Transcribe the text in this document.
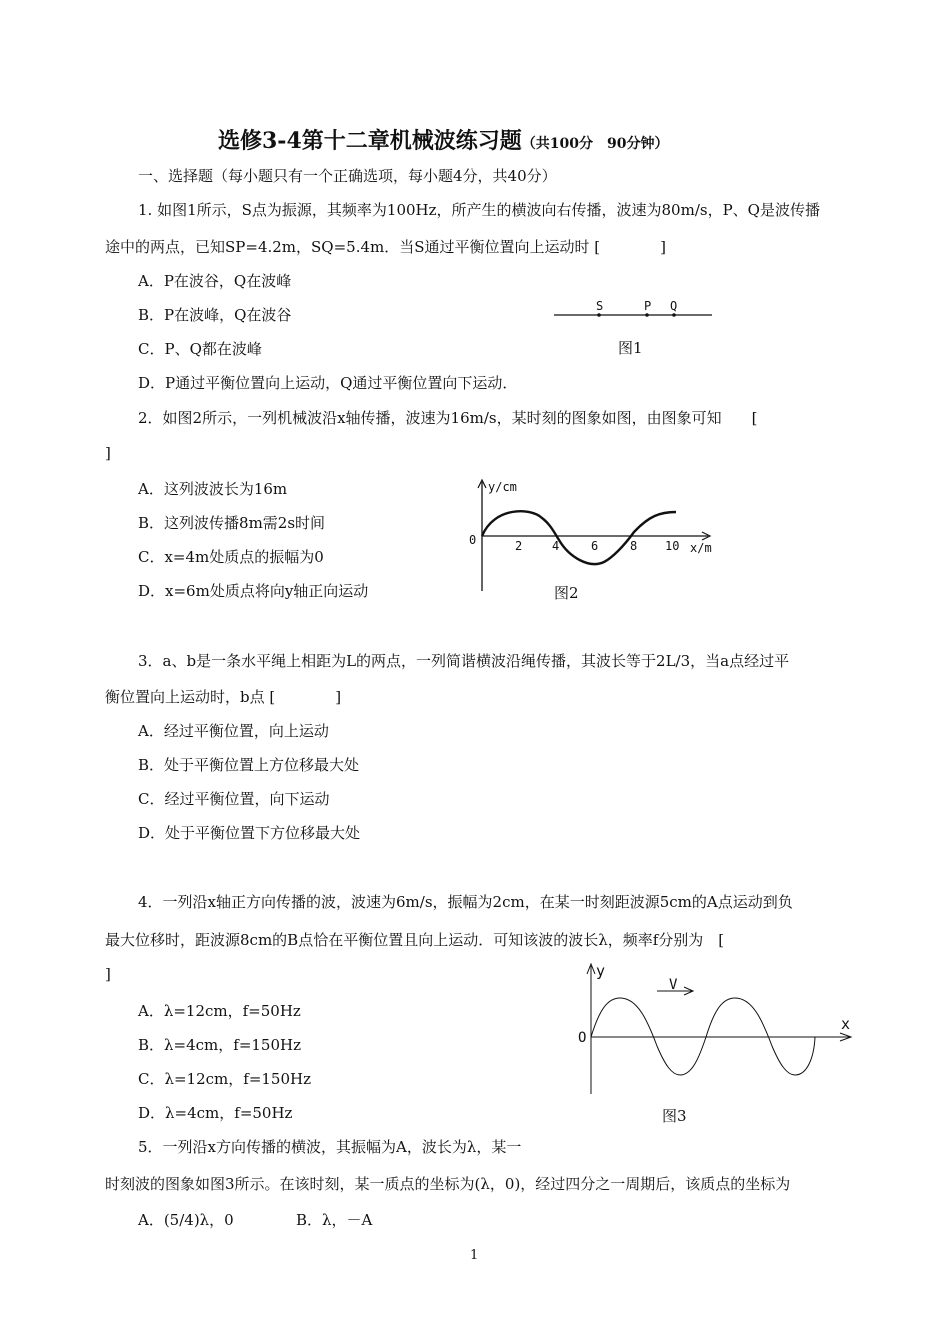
选修3-4第十二章机械波练习题（共100分　90分钟）
一、选择题（每小题只有一个正确选项，每小题4分，共40分）
1. 如图1所示，S点为振源，其频率为100Hz，所产生的横波向右传播，波速为80m/s，P、Q是波传播
途中的两点，已知SP=4.2m，SQ=5.4m．当S通过平衡位置向上运动时 [　　　　]
A．P在波谷，Q在波峰
B．P在波峰，Q在波谷
C．P、Q都在波峰
D．P通过平衡位置向上运动，Q通过平衡位置向下运动．
S	P Q
图1
2．如图2所示，一列机械波沿x轴传播，波速为16m/s，某时刻的图象如图，由图象可知　　[
]
A．这列波波长为16m
B．这列波传播8m需2s时间
C．x=4m处质点的振幅为0
D．x=6m处质点将向y轴正向运动
y/cm
0
x/m
2 4	6	8 10
图2
3．a、b是一条水平绳上相距为L的两点，一列简谐横波沿绳传播，其波长等于2L/3，当a点经过平
衡位置向上运动时，b点 [　　　　]
A．经过平衡位置，向上运动
B．处于平衡位置上方位移最大处
C．经过平衡位置，向下运动
D．处于平衡位置下方位移最大处
4．一列沿x轴正方向传播的波，波速为6m/s，振幅为2cm，在某一时刻距波源5cm的A点运动到负
最大位移时，距波源8cm的B点恰在平衡位置且向上运动．可知该波的波长λ，频率f分别为　[
]
A．λ=12cm，f=50Hz
B．λ=4cm，f=150Hz
C．λ=12cm，f=150Hz
D．λ=4cm，f=50Hz
V
y
x
O
图3
5．一列沿x方向传播的横波，其振幅为A，波长为λ，某一
时刻波的图象如图3所示。在该时刻，某一质点的坐标为(λ，0)，经过四分之一周期后，该质点的坐标为
A．(5/4)λ，0	B．λ，－A
1
